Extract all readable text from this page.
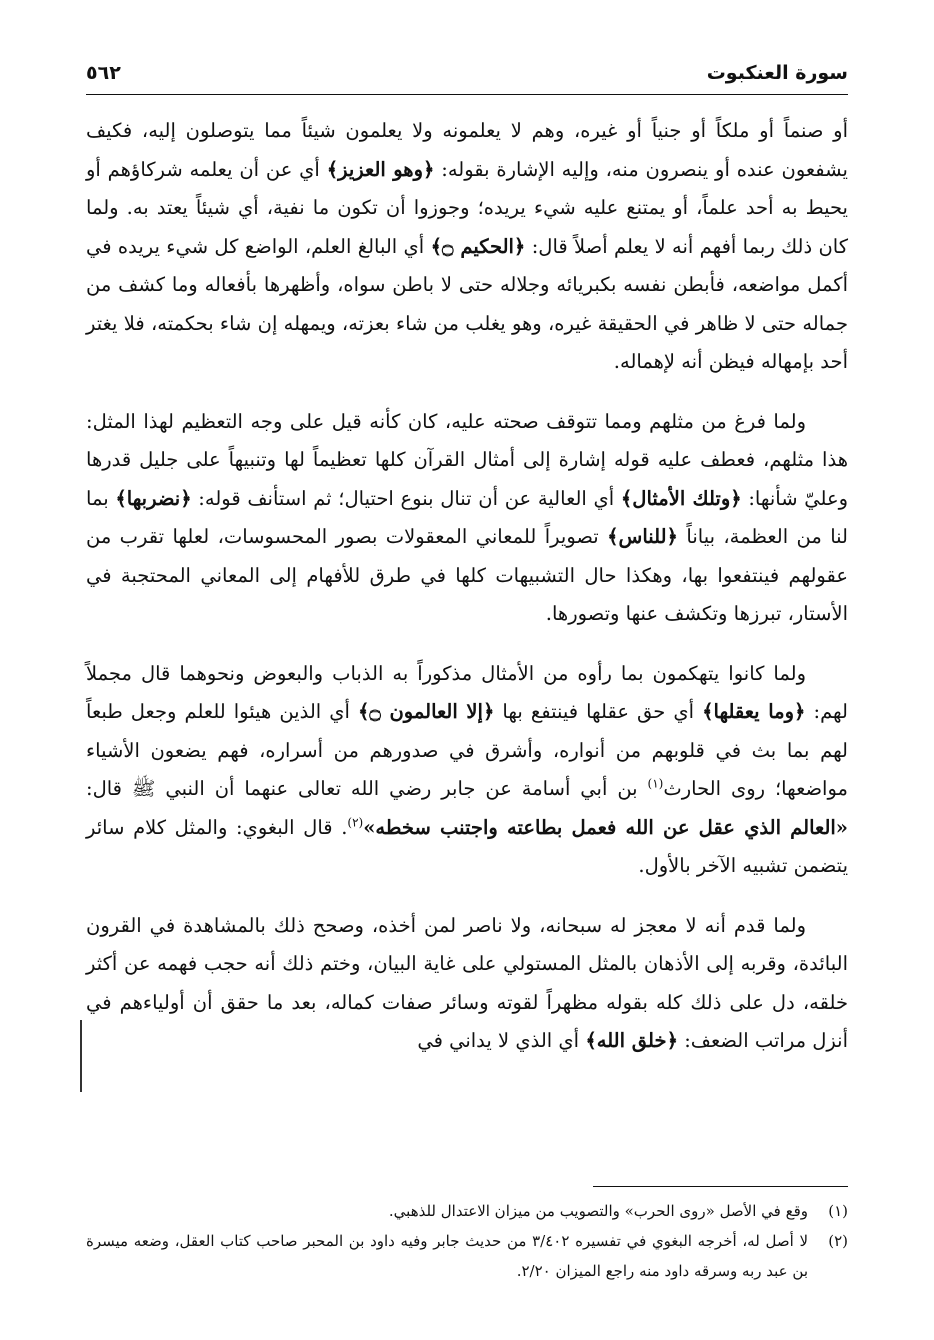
سورة العنكبوت
٥٦٢

أو صنماً أو ملكاً أو جنياً أو غيره، وهم لا يعلمونه ولا يعلمون شيئاً مما يتوصلون إليه، فكيف يشفعون عنده أو ينصرون منه، وإليه الإشارة بقوله: ﴿وهو العزيز﴾ أي عن أن يعلمه شركاؤهم أو يحيط به أحد علماً، أو يمتنع عليه شيء يريده؛ وجوزوا أن تكون ما نفية، أي شيئاً يعتد به. ولما كان ذلك ربما أفهم أنه لا يعلم أصلاً قال: ﴿الحكيم ۝﴾ أي البالغ العلم، الواضع كل شيء يريده في أكمل مواضعه، فأبطن نفسه بكبريائه وجلاله حتى لا باطن سواه، وأظهرها بأفعاله وما كشف من جماله حتى لا ظاهر في الحقيقة غيره، وهو يغلب من شاء بعزته، ويمهله إن شاء بحكمته، فلا يغتر أحد بإمهاله فيظن أنه لإهماله.

ولما فرغ من مثلهم ومما تتوقف صحته عليه، كان كأنه قيل على وجه التعظيم لهذا المثل: هذا مثلهم، فعطف عليه قوله إشارة إلى أمثال القرآن كلها تعظيماً لها وتنبيهاً على جليل قدرها وعليّ شأنها: ﴿وتلك الأمثال﴾ أي العالية عن أن تنال بنوع احتيال؛ ثم استأنف قوله: ﴿نضربها﴾ بما لنا من العظمة، بياناً ﴿للناس﴾ تصويراً للمعاني المعقولات بصور المحسوسات، لعلها تقرب من عقولهم فينتفعوا بها، وهكذا حال التشبيهات كلها في طرق للأفهام إلى المعاني المحتجبة في الأستار، تبرزها وتكشف عنها وتصورها.

ولما كانوا يتهكمون بما رأوه من الأمثال مذكوراً به الذباب والبعوض ونحوهما قال مجملاً لهم: ﴿وما يعقلها﴾ أي حق عقلها فينتفع بها ﴿إلا العالمون ۝﴾ أي الذين هيئوا للعلم وجعل طبعاً لهم بما بث في قلوبهم من أنواره، وأشرق في صدورهم من أسراره، فهم يضعون الأشياء مواضعها؛ روى الحارث$^{(١)}$ بن أبي أسامة عن جابر رضي الله تعالى عنهما أن النبي ﷺ قال: «العالم الذي عقل عن الله فعمل بطاعته واجتنب سخطه»$^{(٢)}$. قال البغوي: والمثل كلام سائر يتضمن تشبيه الآخر بالأول.

ولما قدم أنه لا معجز له سبحانه، ولا ناصر لمن أخذه، وصحح ذلك بالمشاهدة في القرون البائدة، وقربه إلى الأذهان بالمثل المستولي على غاية البيان، وختم ذلك أنه حجب فهمه عن أكثر خلقه، دل على ذلك كله بقوله مظهراً لقوته وسائر صفات كماله، بعد ما حقق أن أولياءهم في أنزل مراتب الضعف: ﴿خلق الله﴾ أي الذي لا يداني في

(١)
وقع في الأصل «روى الحرب» والتصويب من ميزان الاعتدال للذهبي.

(٢)
لا أصل له، أخرجه البغوي في تفسيره ٣/٤٠٢ من حديث جابر وفيه داود بن المحبر صاحب كتاب العقل، وضعه ميسرة بن عبد ربه وسرقه داود منه راجع الميزان ٢/٢٠.
